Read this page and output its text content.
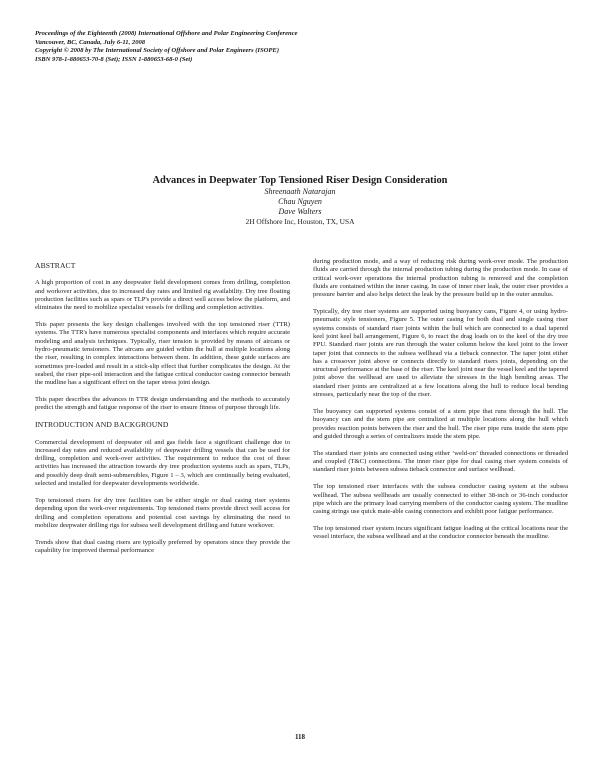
Proceedings of the Eighteenth (2008) International Offshore and Polar Engineering Conference
Vancouver, BC, Canada, July 6-11, 2008
Copyright © 2008 by The International Society of Offshore and Polar Engineers (ISOPE)
ISBN 978-1-880653-70-8 (Set); ISSN 1-880653-68-0 (Set)
Advances in Deepwater Top Tensioned Riser Design Consideration
Shreenaath Natarajan
Chau Nguyen
Dave Walters
2H Offshore Inc, Houston, TX, USA
ABSTRACT

A high proportion of cost in any deepwater field development comes from drilling, completion and workover activities, due to increased day rates and limited rig availability. Dry tree floating production facilities such as spars or TLP's provide a direct well access below the platform, and eliminates the need to mobilize specialist vessels for drilling and completion activities.

This paper presents the key design challenges involved with the top tensioned riser (TTR) systems. The TTR's have numerous specialist components and interfaces which require accurate modeling and analysis techniques. Typically, riser tension is provided by means of aircans or hydro-pneumatic tensioners. The aircans are guided within the hull at multiple locations along the riser, resulting in complex interactions between them. In addition, these guide surfaces are sometimes pre-loaded and result in a stick-slip effect that further complicates the design. At the seabed, the riser pipe-soil interaction and the fatigue critical conductor casing connector beneath the mudline has a significant effect on the taper stress joint design.

This paper describes the advances in TTR design understanding and the methods to accurately predict the strength and fatigue response of the riser to ensure fitness of purpose through life.

INTRODUCTION AND BACKGROUND

Commercial development of deepwater oil and gas fields face a significant challenge due to increased day rates and reduced availability of deepwater drilling vessels that can be used for drilling, completion and work-over activities. The requirement to reduce the cost of these activities has increased the attraction towards dry tree production systems such as spars, TLPs, and possibly deep draft semi-submersibles, Figure 1 – 3, which are continually being evaluated, selected and installed for deepwater developments worldwide.

Top tensioned risers for dry tree facilities can be either single or dual casing riser systems depending upon the work-over requirements. Top tensioned risers provide direct well access for drilling and completion operations and potential cost savings by eliminating the need to mobilize deepwater drilling rigs for subsea well development drilling and future workover.

Trends show that dual casing risers are typically preferred by operators since they provide the capability for improved thermal performance

during production mode, and a way of reducing risk during work-over mode. The production fluids are carried through the internal production tubing during the production mode. In case of critical work-over operations the internal production tubing is removed and the completion fluids are contained within the inner casing. In case of inner riser leak, the outer riser provides a pressure barrier and also helps detect the leak by the pressure build up in the outer annulus.

Typically, dry tree riser systems are supported using buoyancy cans, Figure 4, or using hydro-pneumatic style tensioners, Figure 5. The outer casing for both dual and single casing riser systems consists of standard riser joints within the hull which are connected to a dual tapered keel joint keel ball arrangement, Figure 6, to react the drag loads on to the keel of the dry tree FPU. Standard riser joints are run through the water column below the keel joint to the lower taper joint that connects to the subsea wellhead via a tieback connector. The taper joint either has a crossover joint above or connects directly to standard risers joints, depending on the structural performance at the base of the riser. The keel joint near the vessel keel and the tapered joint above the wellhead are used to alleviate the stresses in the high bending areas. The standard riser joints are centralized at a few locations along the hull to reduce local bending stresses, particularly near the top of the riser.

The buoyancy can supported systems consist of a stem pipe that runs through the hull. The buoyancy can and the stem pipe are centralized at multiple locations along the hull which provides reaction points between the riser and the hull. The riser pipe runs inside the stem pipe and guided through a series of centralizers inside the stem pipe.

The standard riser joints are connected using either ‘weld-on’ threaded connections or threaded and coupled (T&C) connections. The inner riser pipe for dual casing riser system consists of standard riser joints between subsea tieback connector and surface wellhead.

The top tensioned riser interfaces with the subsea conductor casing system at the subsea wellhead. The subsea wellheads are usually connected to either 38-inch or 36-inch conductor pipe which are the primary load carrying members of the conductor casing system. The mudline casing strings use quick mate-able casing connectors and exhibit poor fatigue performance.

The top tensioned riser system incurs significant fatigue loading at the critical locations near the vessel interface, the subsea wellhead and at the conductor connector beneath the mudline.

118
